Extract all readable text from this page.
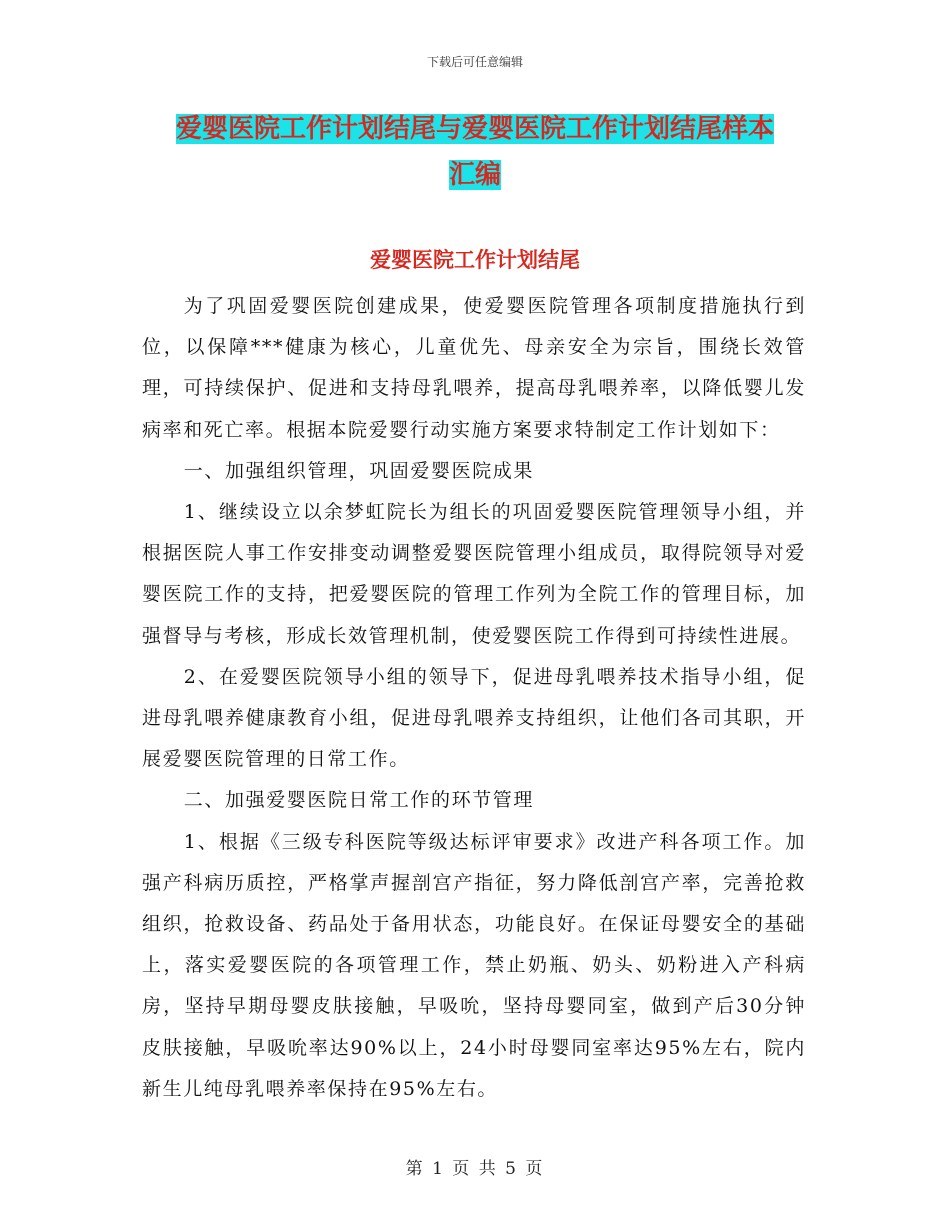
下载后可任意编辑
爱婴医院工作计划结尾与爱婴医院工作计划结尾样本
汇编
爱婴医院工作计划结尾

为了巩固爱婴医院创建成果，使爱婴医院管理各项制度措施执行到位，以保障***健康为核心，儿童优先、母亲安全为宗旨，围绕长效管理，可持续保护、促进和支持母乳喂养，提高母乳喂养率，以降低婴儿发病率和死亡率。根据本院爱婴行动实施方案要求特制定工作计划如下：

一、加强组织管理，巩固爱婴医院成果

1、继续设立以余梦虹院长为组长的巩固爱婴医院管理领导小组，并根据医院人事工作安排变动调整爱婴医院管理小组成员，取得院领导对爱婴医院工作的支持，把爱婴医院的管理工作列为全院工作的管理目标，加强督导与考核，形成长效管理机制，使爱婴医院工作得到可持续性进展。

2、在爱婴医院领导小组的领导下，促进母乳喂养技术指导小组，促进母乳喂养健康教育小组，促进母乳喂养支持组织，让他们各司其职，开展爱婴医院管理的日常工作。

二、加强爱婴医院日常工作的环节管理

1、根据《三级专科医院等级达标评审要求》改进产科各项工作。加强产科病历质控，严格掌声握剖宫产指征，努力降低剖宫产率，完善抢救组织，抢救设备、药品处于备用状态，功能良好。在保证母婴安全的基础上，落实爱婴医院的各项管理工作，禁止奶瓶、奶头、奶粉进入产科病房，坚持早期母婴皮肤接触，早吸吮，坚持母婴同室，做到产后30分钟皮肤接触，早吸吮率达90%以上，24小时母婴同室率达95%左右，院内新生儿纯母乳喂养率保持在95%左右。

第 1 页 共 5 页
